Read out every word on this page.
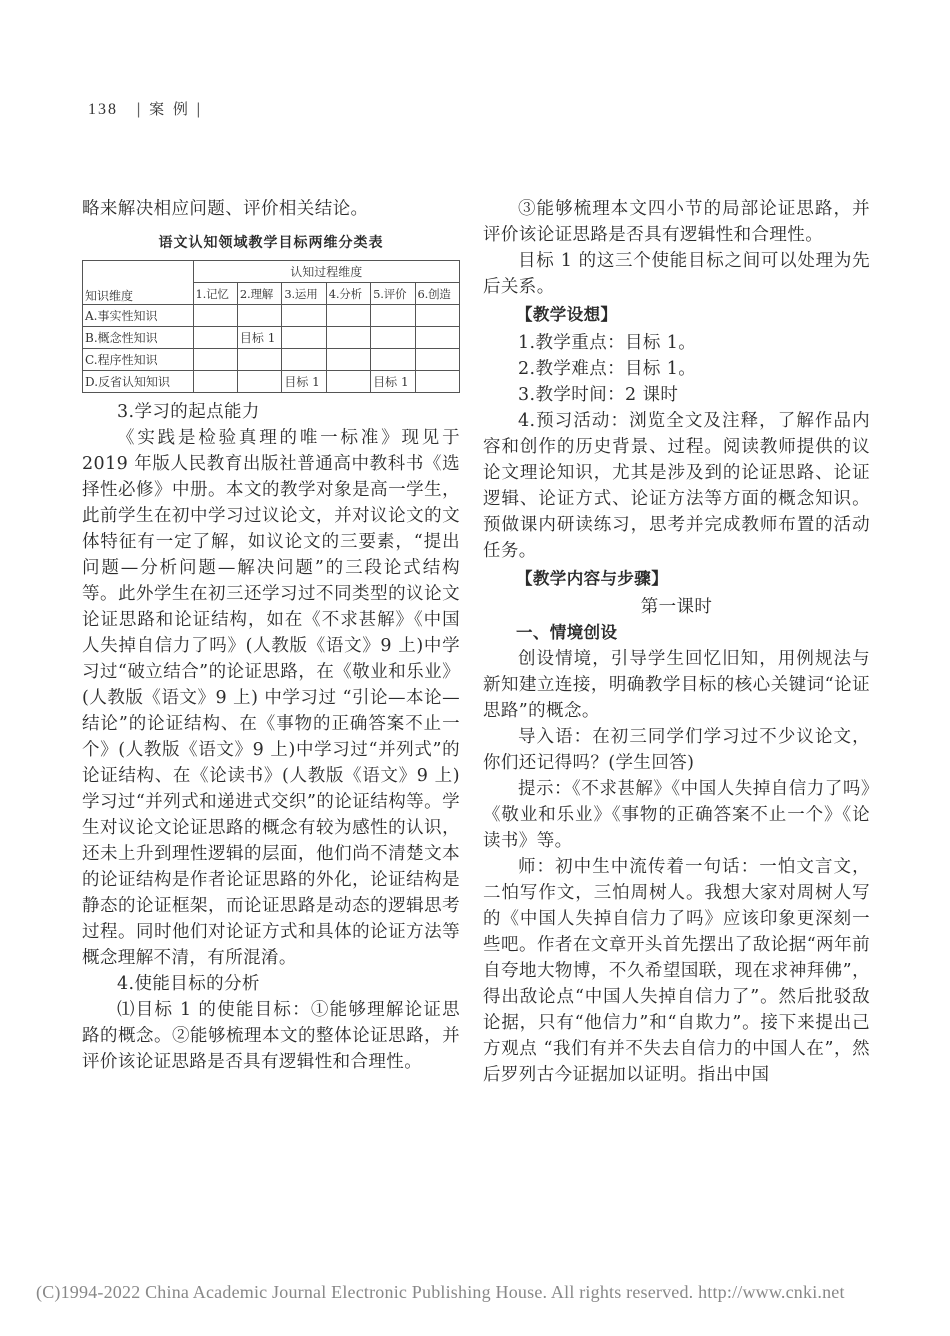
138 | 案 例 |

略来解决相应问题、评价相关结论。

语文认知领域教学目标两维分类表
知识维度	认知过程维度					
	1.记忆	2.理解	3.运用	4.分析	5.评价	6.创造
A.事实性知识						
B.概念性知识		目标 1				
C.程序性知识						
D.反省认知知识			目标 1		目标 1	

3.学习的起点能力

《实践是检验真理的唯一标准》现见于 2019 年版人民教育出版社普通高中教科书《选择性必修》中册。本文的教学对象是高一学生，此前学生在初中学习过议论文，并对议论文的文体特征有一定了解，如议论文的三要素，“提出问题—分析问题—解决问题”的三段论式结构等。此外学生在初三还学习过不同类型的议论文论证思路和论证结构，如在《不求甚解》《中国人失掉自信力了吗》(人教版《语文》9 上)中学习过“破立结合”的论证思路，在《敬业和乐业》(人教版《语文》9 上) 中学习过 “引论—本论—结论”的论证结构、在《事物的正确答案不止一个》(人教版《语文》9 上)中学习过“并列式”的论证结构、在《论读书》(人教版《语文》9 上)学习过“并列式和递进式交织”的论证结构等。学生对议论文论证思路的概念有较为感性的认识，还未上升到理性逻辑的层面，他们尚不清楚文本的论证结构是作者论证思路的外化，论证结构是静态的论证框架，而论证思路是动态的逻辑思考过程。同时他们对论证方式和具体的论证方法等概念理解不清，有所混淆。

4.使能目标的分析

⑴目标 1 的使能目标：①能够理解论证思路的概念。②能够梳理本文的整体论证思路，并评价该论证思路是否具有逻辑性和合理性。

③能够梳理本文四小节的局部论证思路，并评价该论证思路是否具有逻辑性和合理性。

目标 1 的这三个使能目标之间可以处理为先后关系。

【教学设想】

1.教学重点：目标 1。

2.教学难点：目标 1。

3.教学时间：2 课时

4.预习活动：浏览全文及注释，了解作品内容和创作的历史背景、过程。阅读教师提供的议论文理论知识，尤其是涉及到的论证思路、论证逻辑、论证方式、论证方法等方面的概念知识。预做课内研读练习，思考并完成教师布置的活动任务。

【教学内容与步骤】

第一课时

一、情境创设

创设情境，引导学生回忆旧知，用例规法与新知建立连接，明确教学目标的核心关键词“论证思路”的概念。

导入语：在初三同学们学习过不少议论文，你们还记得吗？(学生回答)

提示：《不求甚解》《中国人失掉自信力了吗》《敬业和乐业》《事物的正确答案不止一个》《论读书》等。

师：初中生中流传着一句话：一怕文言文，二怕写作文，三怕周树人。我想大家对周树人写的《中国人失掉自信力了吗》应该印象更深刻一些吧。作者在文章开头首先摆出了敌论据“两年前自夸地大物博，不久希望国联，现在求神拜佛”，得出敌论点“中国人失掉自信力了”。然后批驳敌论据，只有“他信力”和“自欺力”。接下来提出己方观点 “我们有并不失去自信力的中国人在”，然后罗列古今证据加以证明。指出中国

(C)1994-2022 China Academic Journal Electronic Publishing House. All rights reserved. http://www.cnki.net
